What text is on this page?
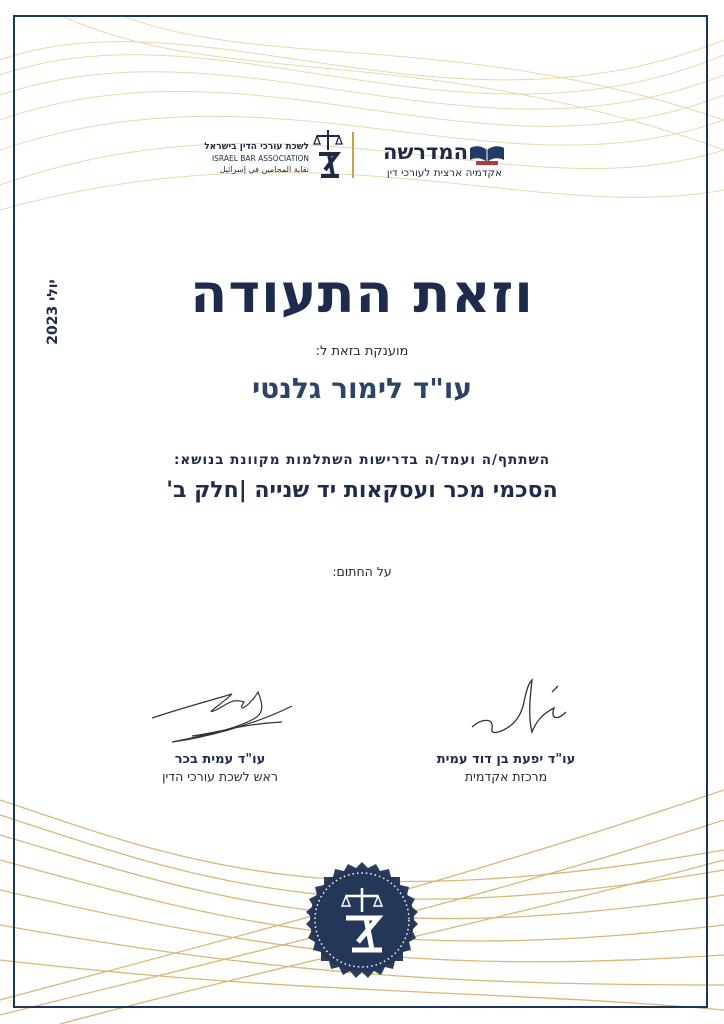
לשכת עורכי הדין בישראל
ISRAEL BAR ASSOCIATION
نقابة المحامين في إسرائيل
המדרשה
אקדמיה ארצית לעורכי דין
יולי 2023	וזאת התעודה
מוענקת בזאת ל:
עו"ד לימור גלנטי
השתתף/ה ועמד/ה בדרישות השתלמות מקוונת בנושא:
הסכמי מכר ועסקאות יד שנייה |חלק ב'
על החתום:
עו"ד עמית בכר
ראש לשכת עורכי הדין
עו"ד יפעת בן דוד עמית
מרכזת אקדמית
